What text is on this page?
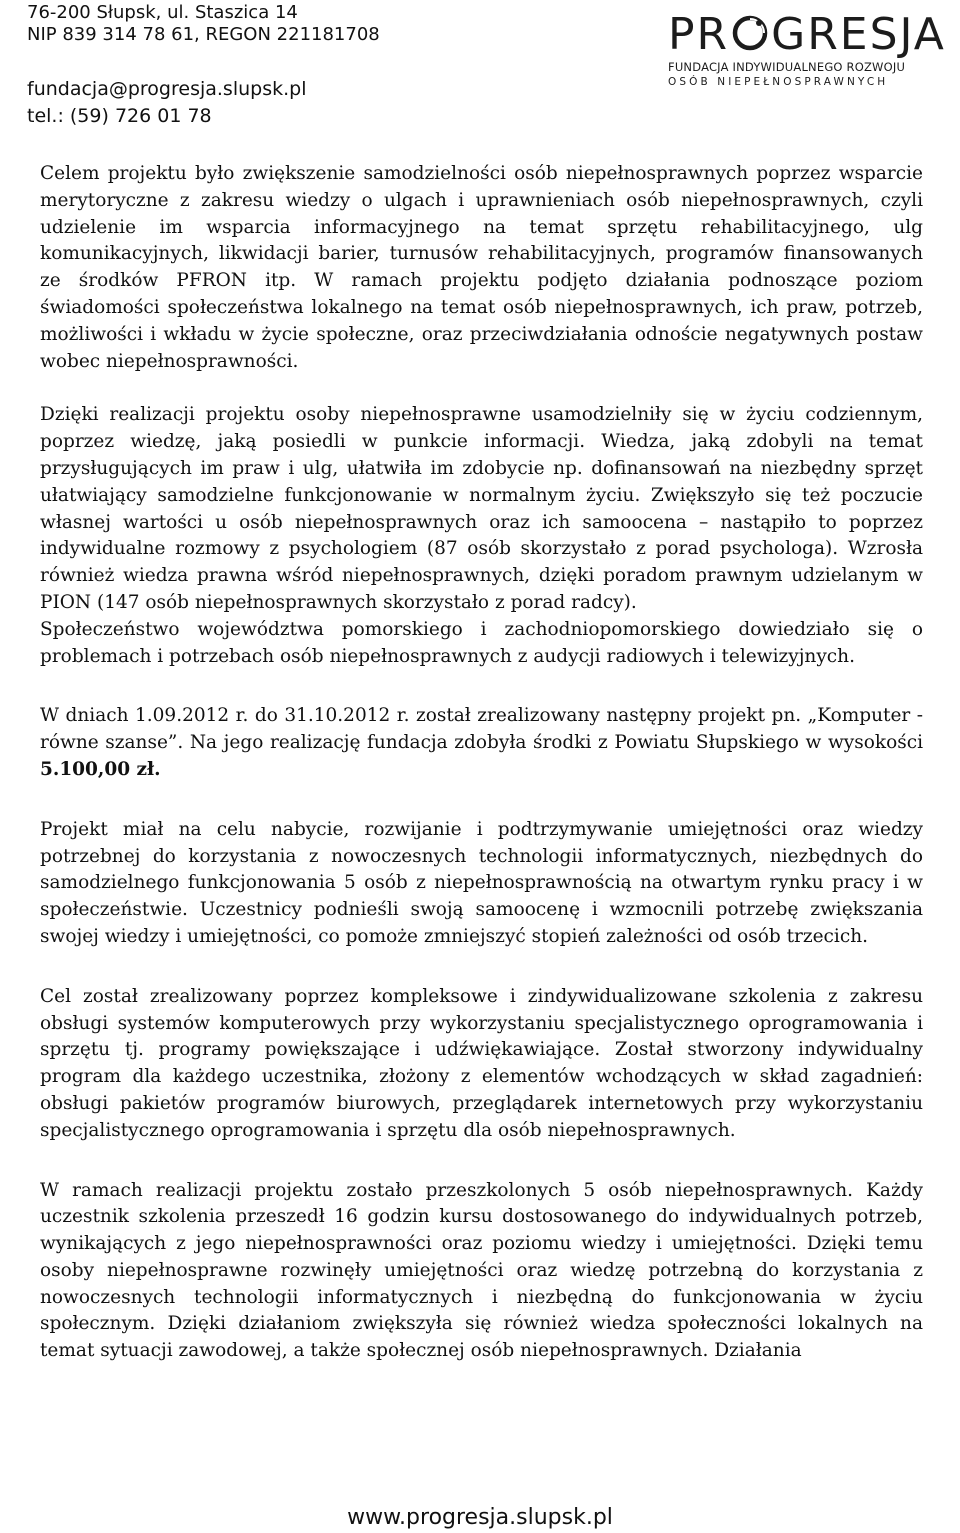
76-200 Słupsk, ul. Staszica 14
NIP 839 314 78 61, REGON 221181708
fundacja@progresja.slupsk.pl
tel.: (59) 726 01 78
PR GRESJA
FUNDACJA INDYWIDUALNEGO ROZWOJU
OSÓB NIEPEŁNOSPRAWNYCH

Celem projektu było zwiększenie samodzielności osób niepełnosprawnych poprzez wsparcie merytoryczne z zakresu wiedzy o ulgach i uprawnieniach osób niepełnosprawnych, czyli udzielenie im wsparcia informacyjnego na temat sprzętu rehabilitacyjnego, ulg komunikacyjnych, likwidacji barier, turnusów rehabilitacyjnych, programów finansowanych ze środków PFRON itp. W ramach projektu podjęto działania podnoszące poziom świadomości społeczeństwa lokalnego na temat osób niepełnosprawnych, ich praw, potrzeb, możliwości i wkładu w życie społeczne, oraz przeciwdziałania odnoście negatywnych postaw wobec niepełnosprawności.

Dzięki realizacji projektu osoby niepełnosprawne usamodzielniły się w życiu codziennym, poprzez wiedzę, jaką posiedli w punkcie informacji. Wiedza, jaką zdobyli na temat przysługujących im praw i ulg, ułatwiła im zdobycie np. dofinansowań na niezbędny sprzęt ułatwiający samodzielne funkcjonowanie w normalnym życiu. Zwiększyło się też poczucie własnej wartości u osób niepełnosprawnych oraz ich samoocena – nastąpiło to poprzez indywidualne rozmowy z psychologiem (87 osób skorzystało z porad psychologa). Wzrosła również wiedza prawna wśród niepełnosprawnych, dzięki poradom prawnym udzielanym w PION (147 osób niepełnosprawnych skorzystało z porad radcy).

Społeczeństwo województwa pomorskiego i zachodniopomorskiego dowiedziało się o problemach i potrzebach osób niepełnosprawnych z audycji radiowych i telewizyjnych.

W dniach 1.09.2012 r. do 31.10.2012 r. został zrealizowany następny projekt pn. „Komputer - równe szanse”. Na jego realizację fundacja zdobyła środki z Powiatu Słupskiego w wysokości 5.100,00 zł.

Projekt miał na celu nabycie, rozwijanie i podtrzymywanie umiejętności oraz wiedzy potrzebnej do korzystania z nowoczesnych technologii informatycznych, niezbędnych do samodzielnego funkcjonowania 5 osób z niepełnosprawnością na otwartym rynku pracy i w społeczeństwie. Uczestnicy podnieśli swoją samoocenę i wzmocnili potrzebę zwiększania swojej wiedzy i umiejętności, co pomoże zmniejszyć stopień zależności od osób trzecich.

Cel został zrealizowany poprzez kompleksowe i zindywidualizowane szkolenia z zakresu obsługi systemów komputerowych przy wykorzystaniu specjalistycznego oprogramowania i sprzętu tj. programy powiększające i udźwiękawiające. Został stworzony indywidualny program dla każdego uczestnika, złożony z elementów wchodzących w skład zagadnień: obsługi pakietów programów biurowych, przeglądarek internetowych przy wykorzystaniu specjalistycznego oprogramowania i sprzętu dla osób niepełnosprawnych.

W ramach realizacji projektu zostało przeszkolonych 5 osób niepełnosprawnych. Każdy uczestnik szkolenia przeszedł 16 godzin kursu dostosowanego do indywidualnych potrzeb, wynikających z jego niepełnosprawności oraz poziomu wiedzy i umiejętności. Dzięki temu osoby niepełnosprawne rozwinęły umiejętności oraz wiedzę potrzebną do korzystania z nowoczesnych technologii informatycznych i niezbędną do funkcjonowania w życiu społecznym. Dzięki działaniom zwiększyła się również wiedza społeczności lokalnych na temat sytuacji zawodowej, a także społecznej osób niepełnosprawnych. Działania

www.progresja.slupsk.pl
